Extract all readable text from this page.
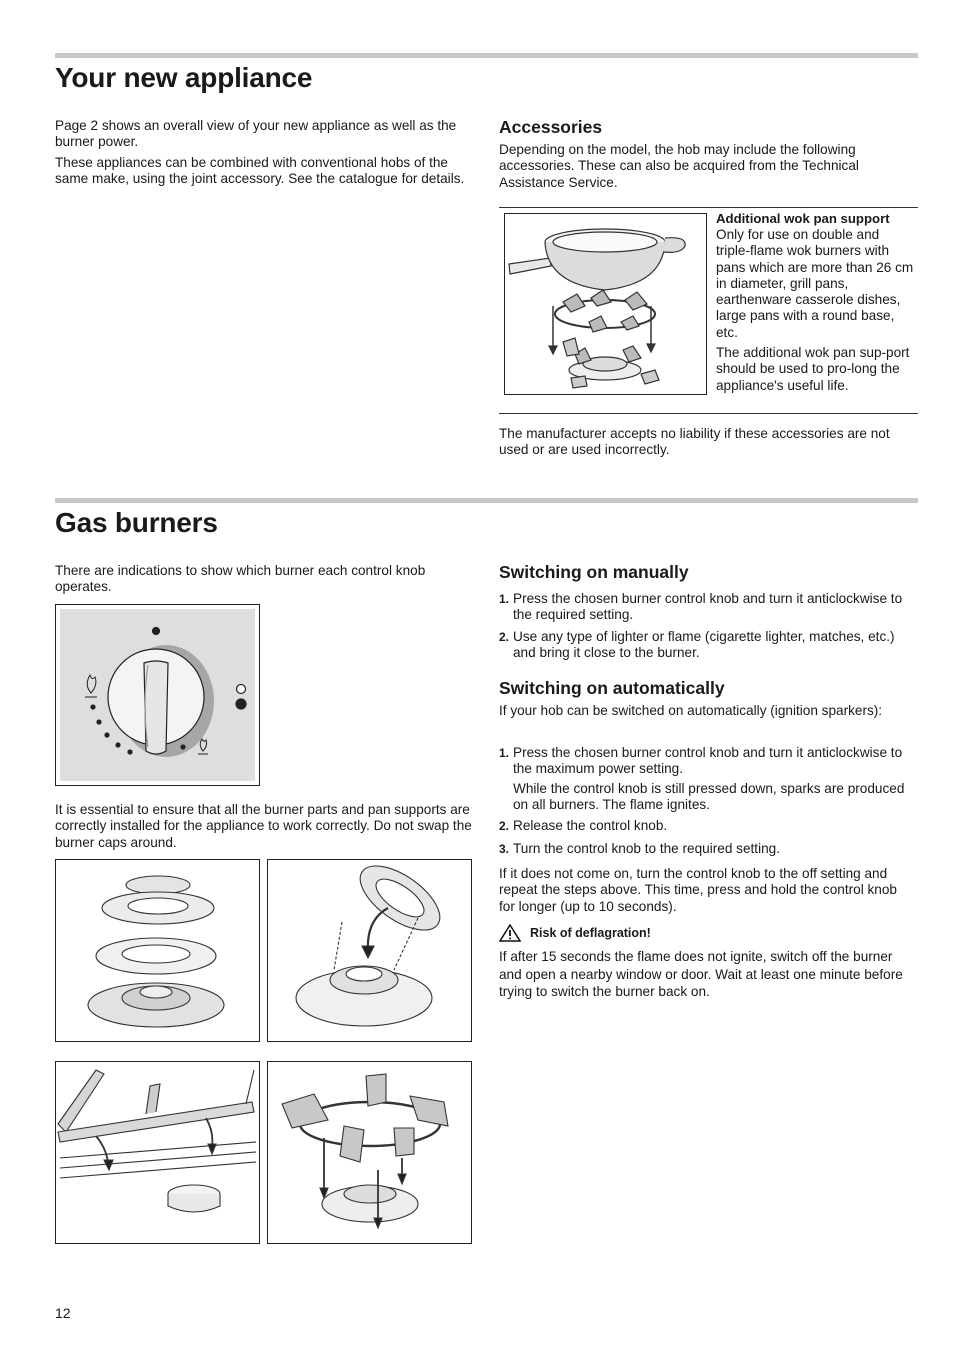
Your new appliance

Page 2 shows an overall view of your new appliance as well as the burner power.

These appliances can be combined with conventional hobs of the same make, using the joint accessory. See the catalogue for details.

Accessories

Depending on the model, the hob may include the following accessories. These can also be acquired from the Technical Assistance Service.

Additional wok pan support

Only for use on double and triple-flame wok burners with pans which are more than 26 cm in diameter, grill pans, earthenware casserole dishes, large pans with a round base, etc.

The additional wok pan sup-port should be used to pro-long the appliance's useful life.

The manufacturer accepts no liability if these accessories are not used or are used incorrectly.

Gas burners

There are indications to show which burner each control knob operates.

It is essential to ensure that all the burner parts and pan supports are correctly installed for the appliance to work correctly. Do not swap the burner caps around.

Switching on manually
1. Press the chosen burner control knob and turn it anticlockwise to the required setting.
2. Use any type of lighter or flame (cigarette lighter, matches, etc.) and bring it close to the burner.
Switching on automatically

If your hob can be switched on automatically (ignition sparkers):

1. Press the chosen burner control knob and turn it anticlockwise to the maximum power setting.
While the control knob is still pressed down, sparks are produced on all burners. The flame ignites.
2. Release the control knob.
3. Turn the control knob to the required setting.

If it does not come on, turn the control knob to the off setting and repeat the steps above. This time, press and hold the control knob for longer (up to 10 seconds).

Risk of deflagration!

If after 15 seconds the flame does not ignite, switch off the burner and open a nearby window or door. Wait at least one minute before trying to switch the burner back on.

12
